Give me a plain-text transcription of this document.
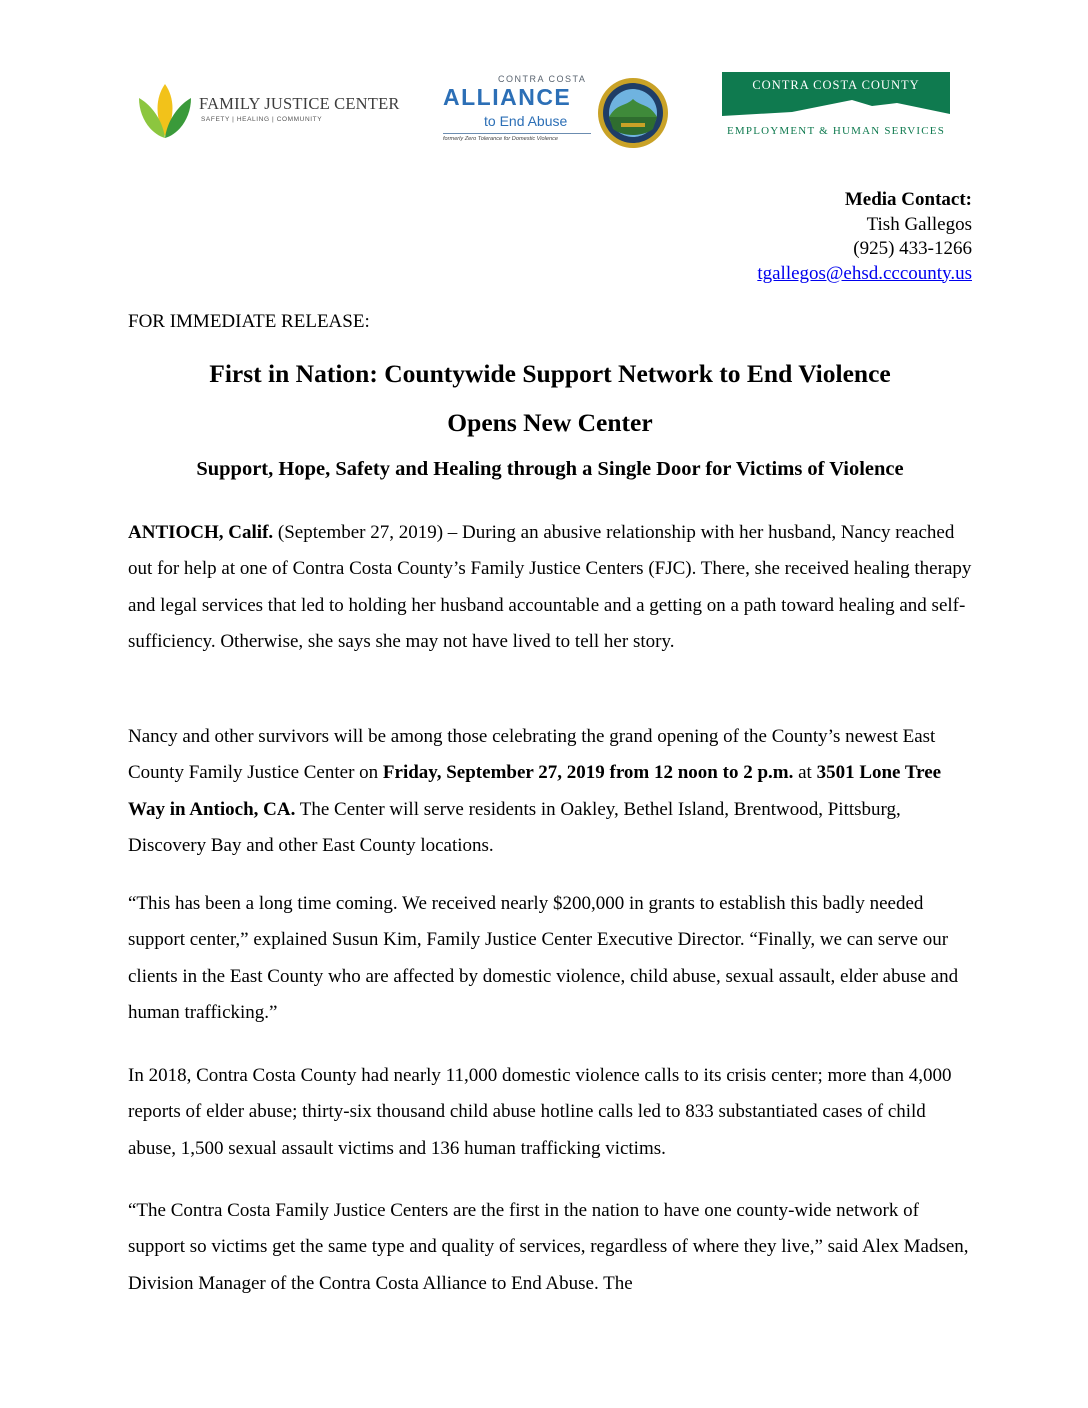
FAMILY JUSTICE CENTER
SAFETY | HEALING | COMMUNITY
CONTRA COSTA
ALLIANCE
to End Abuse
formerly Zero Tolerance for Domestic Violence
CONTRA COSTA COUNTY
EMPLOYMENT & HUMAN SERVICES
Media Contact:
Tish Gallegos
(925) 433-1266
tgallegos@ehsd.cccounty.us
FOR IMMEDIATE RELEASE:
First in Nation: Countywide Support Network to End Violence
Opens New Center
Support, Hope, Safety and Healing through a Single Door for Victims of Violence

ANTIOCH, Calif. (September 27, 2019) – During an abusive relationship with her husband, Nancy reached out for help at one of Contra Costa County’s Family Justice Centers (FJC). There, she received healing therapy and legal services that led to holding her husband accountable and a getting on a path toward healing and self-sufficiency. Otherwise, she says she may not have lived to tell her story.

Nancy and other survivors will be among those celebrating the grand opening of the County’s newest East County Family Justice Center on Friday, September 27, 2019 from 12 noon to 2 p.m. at 3501 Lone Tree Way in Antioch, CA. The Center will serve residents in Oakley, Bethel Island, Brentwood, Pittsburg, Discovery Bay and other East County locations.

“This has been a long time coming. We received nearly $200,000 in grants to establish this badly needed support center,” explained Susun Kim, Family Justice Center Executive Director. “Finally, we can serve our clients in the East County who are affected by domestic violence, child abuse, sexual assault, elder abuse and human trafficking.”

In 2018, Contra Costa County had nearly 11,000 domestic violence calls to its crisis center; more than 4,000 reports of elder abuse; thirty-six thousand child abuse hotline calls led to 833 substantiated cases of child abuse, 1,500 sexual assault victims and 136 human trafficking victims.

“The Contra Costa Family Justice Centers are the first in the nation to have one county-wide network of support so victims get the same type and quality of services, regardless of where they live,” said Alex Madsen, Division Manager of the Contra Costa Alliance to End Abuse. The
